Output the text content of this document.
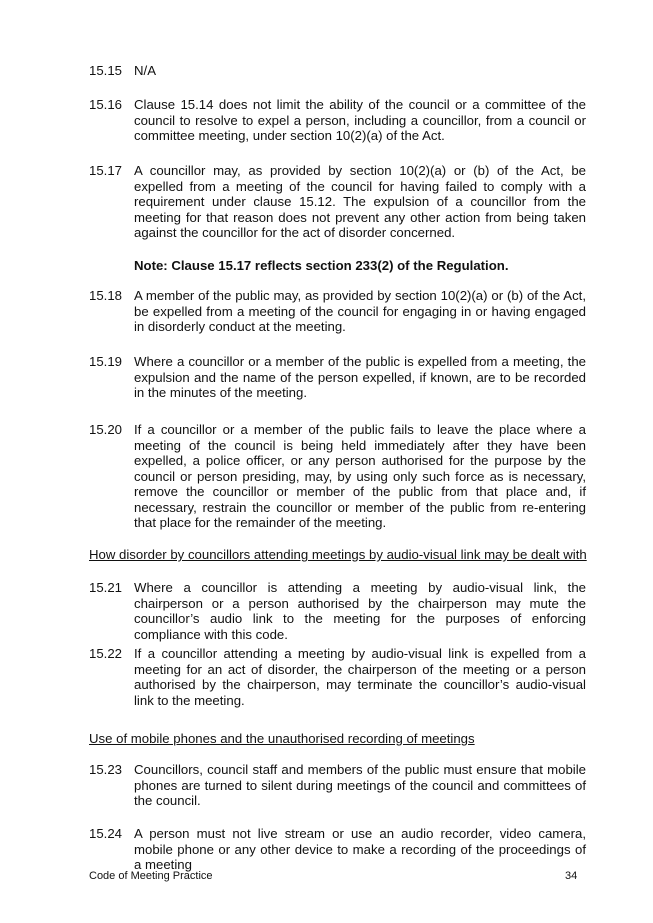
15.15 N/A
15.16 Clause 15.14 does not limit the ability of the council or a committee of the council to resolve to expel a person, including a councillor, from a council or committee meeting, under section 10(2)(a) of the Act.
15.17 A councillor may, as provided by section 10(2)(a) or (b) of the Act, be expelled from a meeting of the council for having failed to comply with a requirement under clause 15.12. The expulsion of a councillor from the meeting for that reason does not prevent any other action from being taken against the councillor for the act of disorder concerned.
Note: Clause 15.17 reflects section 233(2) of the Regulation.
15.18 A member of the public may, as provided by section 10(2)(a) or (b) of the Act, be expelled from a meeting of the council for engaging in or having engaged in disorderly conduct at the meeting.
15.19 Where a councillor or a member of the public is expelled from a meeting, the expulsion and the name of the person expelled, if known, are to be recorded in the minutes of the meeting.
15.20 If a councillor or a member of the public fails to leave the place where a meeting of the council is being held immediately after they have been expelled, a police officer, or any person authorised for the purpose by the council or person presiding, may, by using only such force as is necessary, remove the councillor or member of the public from that place and, if necessary, restrain the councillor or member of the public from re-entering that place for the remainder of the meeting.
How disorder by councillors attending meetings by audio-visual link may be dealt with
15.21 Where a councillor is attending a meeting by audio-visual link, the chairperson or a person authorised by the chairperson may mute the councillor’s audio link to the meeting for the purposes of enforcing compliance with this code.
15.22 If a councillor attending a meeting by audio-visual link is expelled from a meeting for an act of disorder, the chairperson of the meeting or a person authorised by the chairperson, may terminate the councillor’s audio-visual link to the meeting.
Use of mobile phones and the unauthorised recording of meetings
15.23 Councillors, council staff and members of the public must ensure that mobile phones are turned to silent during meetings of the council and committees of the council.
15.24 A person must not live stream or use an audio recorder, video camera, mobile phone or any other device to make a recording of the proceedings of a meeting
Code of Meeting Practice	34
